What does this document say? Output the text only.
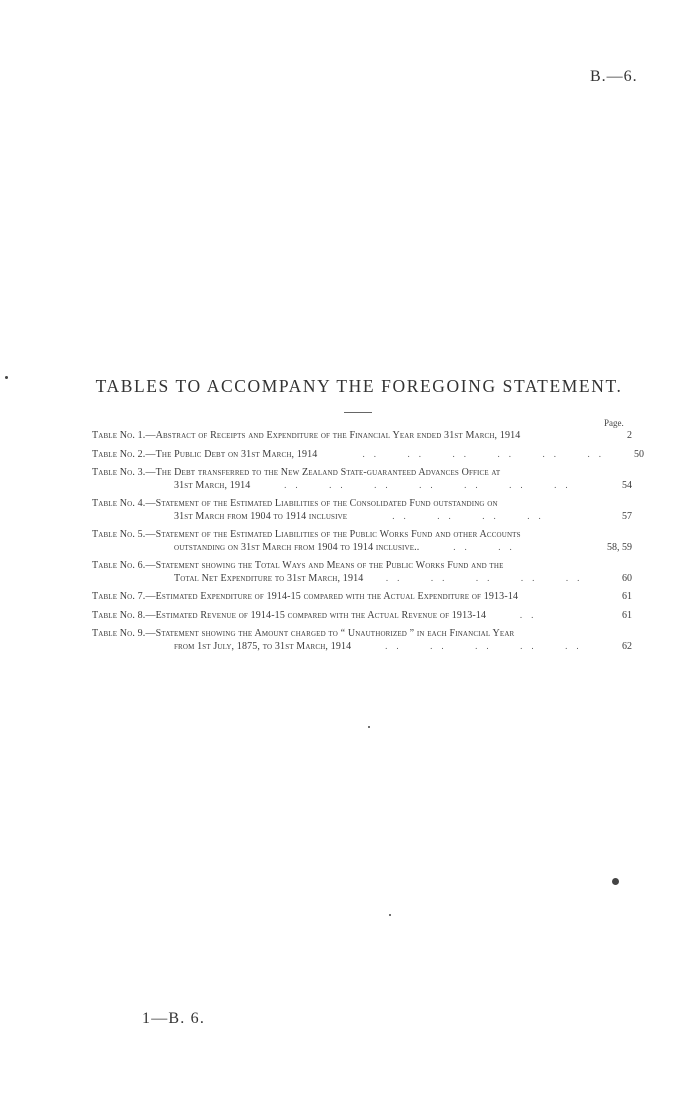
B.—6.
TABLES TO ACCOMPANY THE FOREGOING STATEMENT.
Page.
Table No. 1.—Abstract of Receipts and Expenditure of the Financial Year ended 31st March, 1914	2
Table No. 2.—The Public Debt on 31st March, 1914    ..  ..  ..  ..  ..  ..	50
Table No. 3.—The Debt transferred to the New Zealand State-guaranteed Advances Office at
31st March, 1914   ..  ..  ..  ..  ..  ..  ..	54
Table No. 4.—Statement of the Estimated Liabilities of the Consolidated Fund outstanding on
31st March from 1904 to 1914 inclusive    ..  ..  ..  ..	57
Table No. 5.—Statement of the Estimated Liabilities of the Public Works Fund and other Accounts
outstanding on 31st March from 1904 to 1914 inclusive..   ..  ..	58, 59
Table No. 6.—Statement showing the Total Ways and Means of the Public Works Fund and the
Total Net Expenditure to 31st March, 1914  ..  ..  ..  ..  ..	60
Table No. 7.—Estimated Expenditure of 1914-15 compared with the Actual Expenditure of 1913-14	61
Table No. 8.—Estimated Revenue of 1914-15 compared with the Actual Revenue of 1913-14   ..	61
Table No. 9.—Statement showing the Amount charged to “ Unauthorized ” in each Financial Year
from 1st July, 1875, to 31st March, 1914   ..  ..  ..  ..  ..	62
1—B. 6.
